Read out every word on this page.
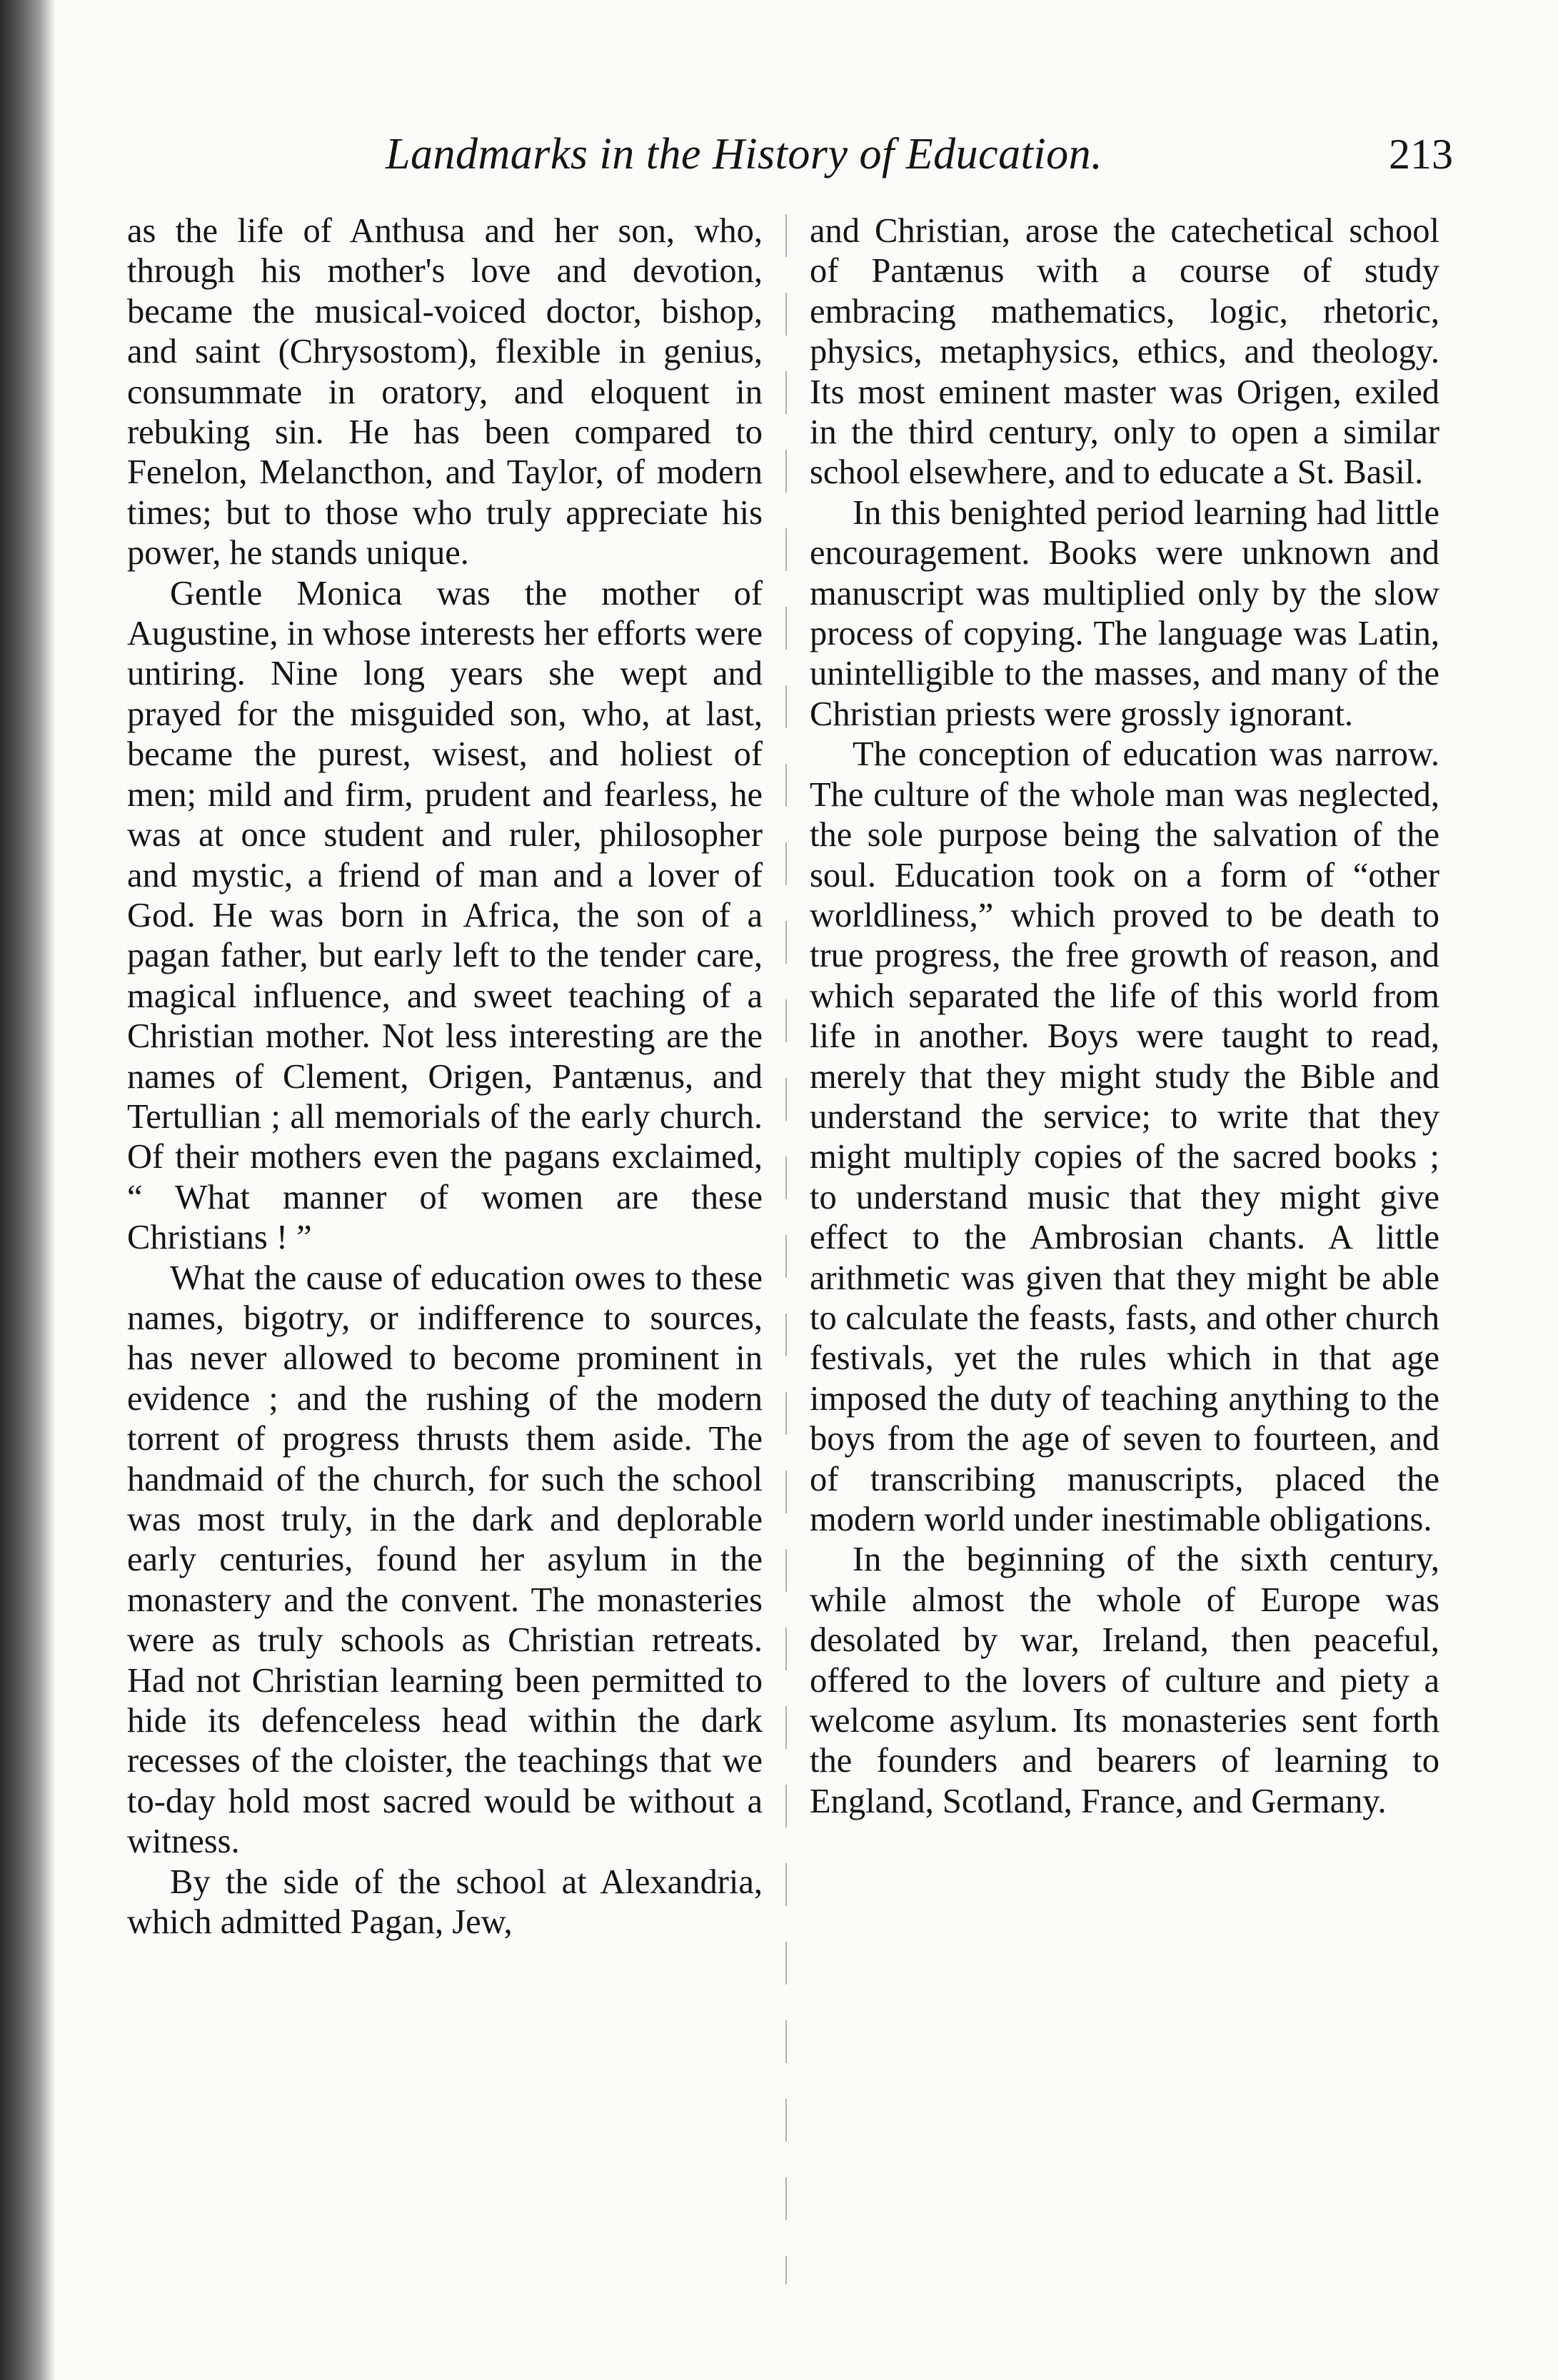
Landmarks in the History of Education.	213

as the life of Anthusa and her son, who, through his mother's love and devotion, became the musical-voiced doctor, bishop, and saint (Chrysostom), flexible in genius, consummate in oratory, and eloquent in rebuking sin. He has been compared to Fenelon, Melancthon, and Taylor, of modern times; but to those who truly appreciate his power, he stands unique.

Gentle Monica was the mother of Augustine, in whose interests her efforts were untiring. Nine long years she wept and prayed for the misguided son, who, at last, became the purest, wisest, and holiest of men; mild and firm, prudent and fearless, he was at once student and ruler, philosopher and mystic, a friend of man and a lover of God. He was born in Africa, the son of a pagan father, but early left to the tender care, magical influence, and sweet teaching of a Christian mother. Not less interesting are the names of Clement, Origen, Pantænus, and Tertullian ; all memorials of the early church. Of their mothers even the pagans exclaimed, “ What manner of women are these Christians ! ”

What the cause of education owes to these names, bigotry, or indifference to sources, has never allowed to become prominent in evidence ; and the rushing of the modern torrent of progress thrusts them aside. The handmaid of the church, for such the school was most truly, in the dark and deplorable early centuries, found her asylum in the monastery and the convent. The monasteries were as truly schools as Christian retreats. Had not Christian learning been permitted to hide its defenceless head within the dark recesses of the cloister, the teachings that we to-day hold most sacred would be without a witness.

By the side of the school at Alexandria, which admitted Pagan, Jew,

and Christian, arose the catechetical school of Pantænus with a course of study embracing mathematics, logic, rhetoric, physics, metaphysics, ethics, and theology. Its most eminent master was Origen, exiled in the third century, only to open a similar school elsewhere, and to educate a St. Basil.

In this benighted period learning had little encouragement. Books were unknown and manuscript was multiplied only by the slow process of copying. The language was Latin, unintelligible to the masses, and many of the Christian priests were grossly ignorant.

The conception of education was narrow. The culture of the whole man was neglected, the sole purpose being the salvation of the soul. Education took on a form of “other worldliness,” which proved to be death to true progress, the free growth of reason, and which separated the life of this world from life in another. Boys were taught to read, merely that they might study the Bible and understand the service; to write that they might multiply copies of the sacred books ; to understand music that they might give effect to the Ambrosian chants. A little arithmetic was given that they might be able to calculate the feasts, fasts, and other church festivals, yet the rules which in that age imposed the duty of teaching anything to the boys from the age of seven to fourteen, and of transcribing manuscripts, placed the modern world under inestimable obligations.

In the beginning of the sixth century, while almost the whole of Europe was desolated by war, Ireland, then peaceful, offered to the lovers of culture and piety a welcome asylum. Its monasteries sent forth the founders and bearers of learning to England, Scotland, France, and Germany.
